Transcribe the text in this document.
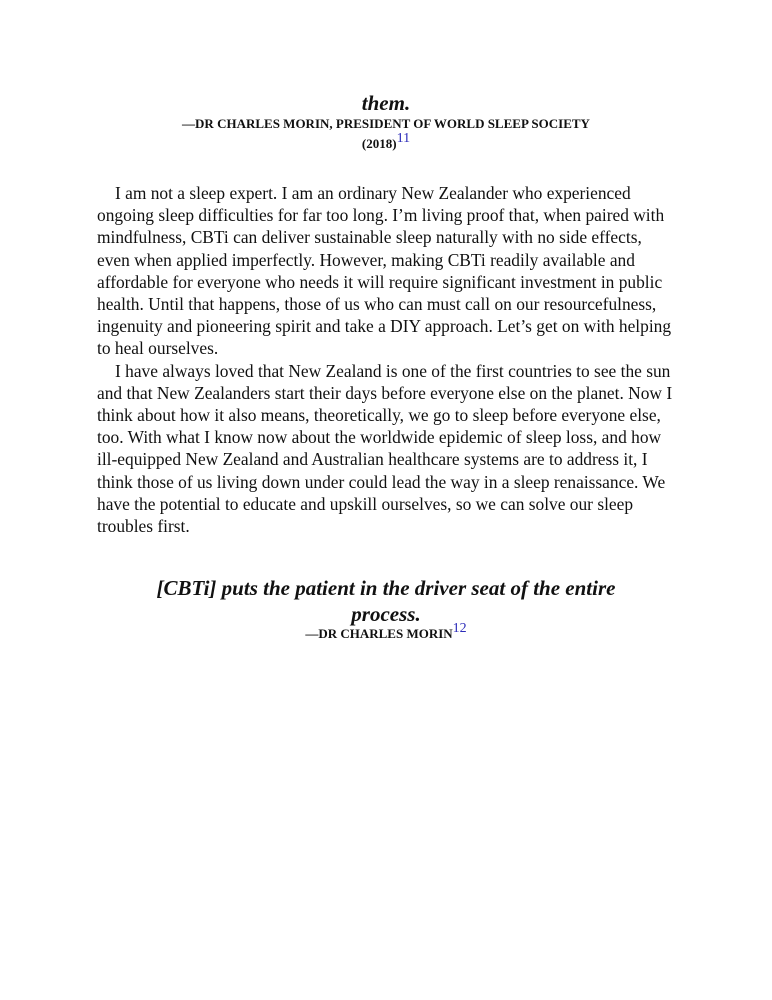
them.
—DR CHARLES MORIN, PRESIDENT OF WORLD SLEEP SOCIETY
(2018)11

I am not a sleep expert. I am an ordinary New Zealander who experienced ongoing sleep difficulties for far too long. I’m living proof that, when paired with mindfulness, CBTi can deliver sustainable sleep naturally with no side effects, even when applied imperfectly. However, making CBTi readily available and affordable for everyone who needs it will require significant investment in public health. Until that happens, those of us who can must call on our resourcefulness, ingenuity and pioneering spirit and take a DIY approach. Let’s get on with helping to heal ourselves.

I have always loved that New Zealand is one of the first countries to see the sun and that New Zealanders start their days before everyone else on the planet. Now I think about how it also means, theoretically, we go to sleep before everyone else, too. With what I know now about the worldwide epidemic of sleep loss, and how ill-equipped New Zealand and Australian healthcare systems are to address it, I think those of us living down under could lead the way in a sleep renaissance. We have the potential to educate and upskill ourselves, so we can solve our sleep troubles first.

[CBTi] puts the patient in the driver seat of the entire process.
—DR CHARLES MORIN12
